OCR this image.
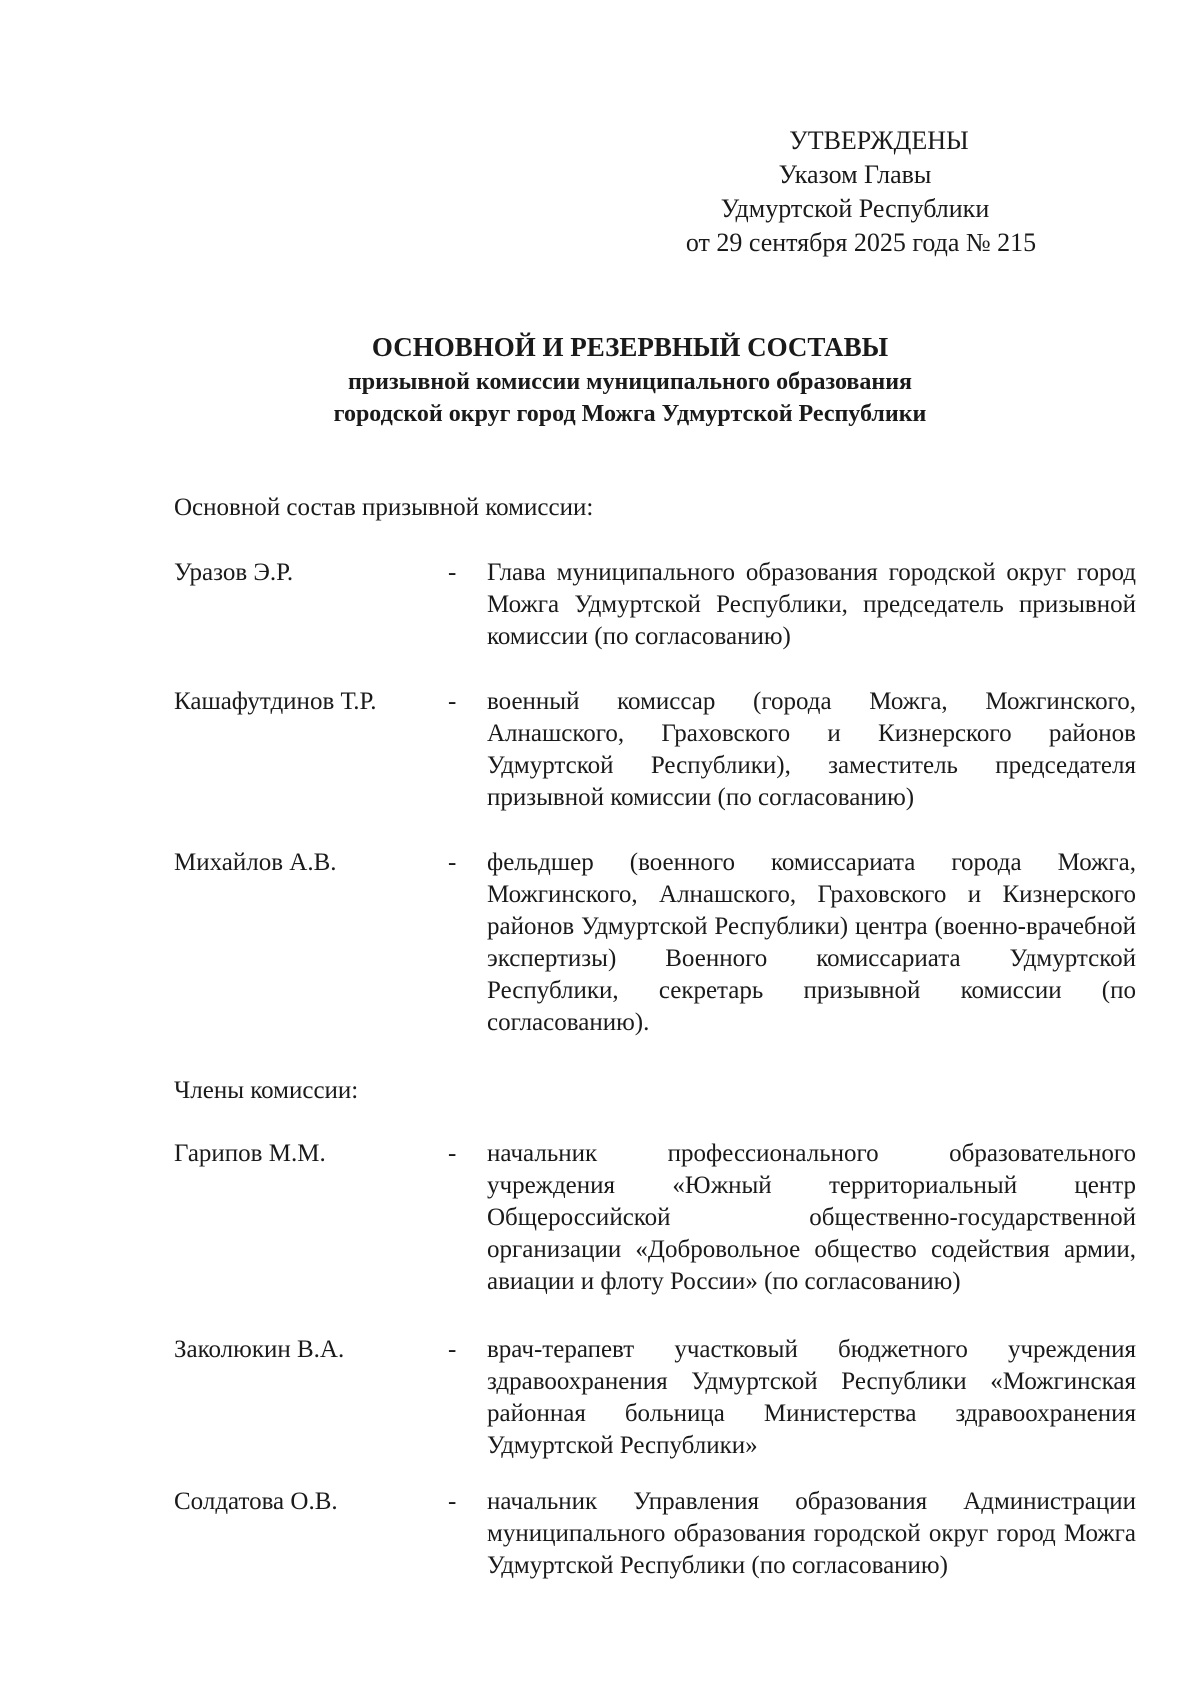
УТВЕРЖДЕНЫ
Указом Главы
Удмуртской Республики
от 29 сентября 2025 года № 215
ОСНОВНОЙ И РЕЗЕРВНЫЙ СОСТАВЫ
призывной комиссии муниципального образования
городской округ город Можга Удмуртской Республики
Основной состав призывной комиссии:
Уразов Э.Р.	- Глава муниципального образования городской округ город Можга Удмуртской Республики, председатель призывной комиссии (по согласованию)
Кашафутдинов Т.Р.	- военный комиссар (города Можга, Можгинского, Алнашского, Граховского и Кизнерского районов Удмуртской Республики), заместитель председателя призывной комиссии (по согласованию)
Михайлов А.В.	- фельдшер (военного комиссариата города Можга, Можгинского, Алнашского, Граховского и Кизнерского районов Удмуртской Республики) центра (военно-врачебной экспертизы) Военного комиссариата Удмуртской Республики, секретарь призывной комиссии (по согласованию).
Члены комиссии:
Гарипов М.М.	- начальник профессионального образовательного учреждения «Южный территориальный центр Общероссийской общественно-государственной организации «Добровольное общество содействия армии, авиации и флоту России» (по согласованию)
Заколюкин В.А.	- врач-терапевт участковый бюджетного учреждения здравоохранения Удмуртской Республики «Можгинская районная больница Министерства здравоохранения Удмуртской Республики»
Солдатова О.В.	- начальник Управления образования Администрации муниципального образования городской округ город Можга Удмуртской Республики (по согласованию)
